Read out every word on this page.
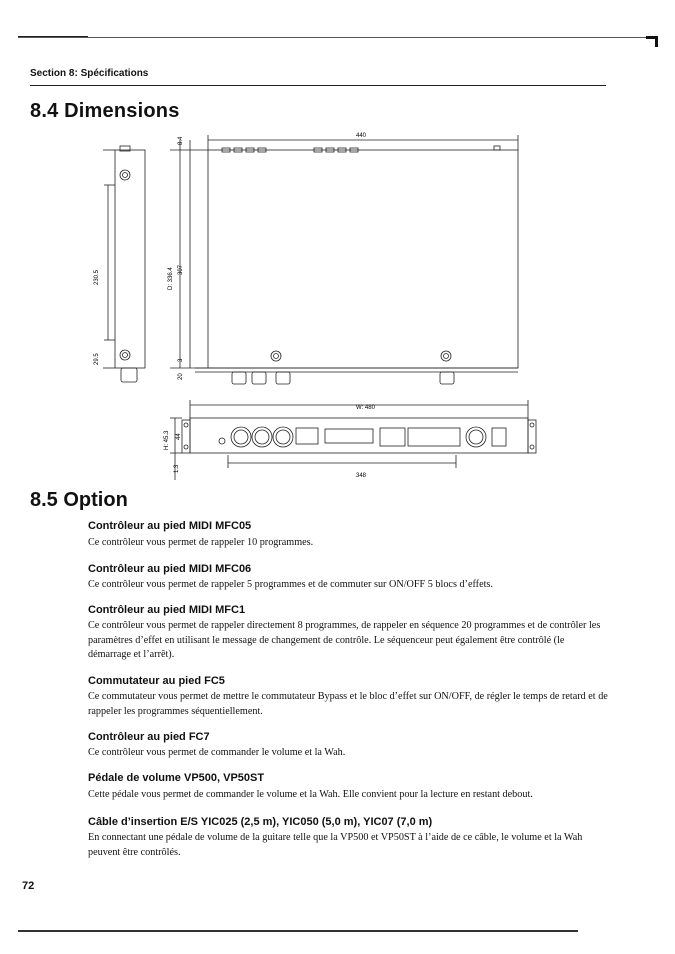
Section 8: Spécifications
8.4 Dimensions
440
W: 480
348
8.4
230.5
29.5
D: 336.4 307
3
20
H: 45.3 44
1.3
8.5 Option
Contrôleur au pied MIDI MFC05
Ce contrôleur vous permet de rappeler 10 programmes.
Contrôleur au pied MIDI MFC06
Ce contrôleur vous permet de rappeler 5 programmes et de commuter sur ON/OFF 5 blocs d’effets.
Contrôleur au pied MIDI MFC1
Ce contrôleur vous permet de rappeler directement 8 programmes, de rappeler en séquence 20 programmes et de contrôler les paramètres d’effet en utilisant le message de changement de contrôle. Le séquenceur peut également être contrôlé (le démarrage et l’arrêt).
Commutateur au pied FC5
Ce commutateur vous permet de mettre le commutateur Bypass et le bloc d’effet sur ON/OFF, de régler le temps de retard et de rappeler les programmes séquentiellement.
Contrôleur au pied FC7
Ce contrôleur vous permet de commander le volume et la Wah.
Pédale de volume VP500, VP50ST
Cette pédale vous permet de commander le volume et la Wah. Elle convient pour la lecture en restant debout.
Câble d’insertion E/S YIC025 (2,5 m), YIC050 (5,0 m), YIC07 (7,0 m)
En connectant une pédale de volume de la guitare telle que la VP500 et VP50ST à l’aide de ce câble, le volume et la Wah peuvent être contrôlés.
72
